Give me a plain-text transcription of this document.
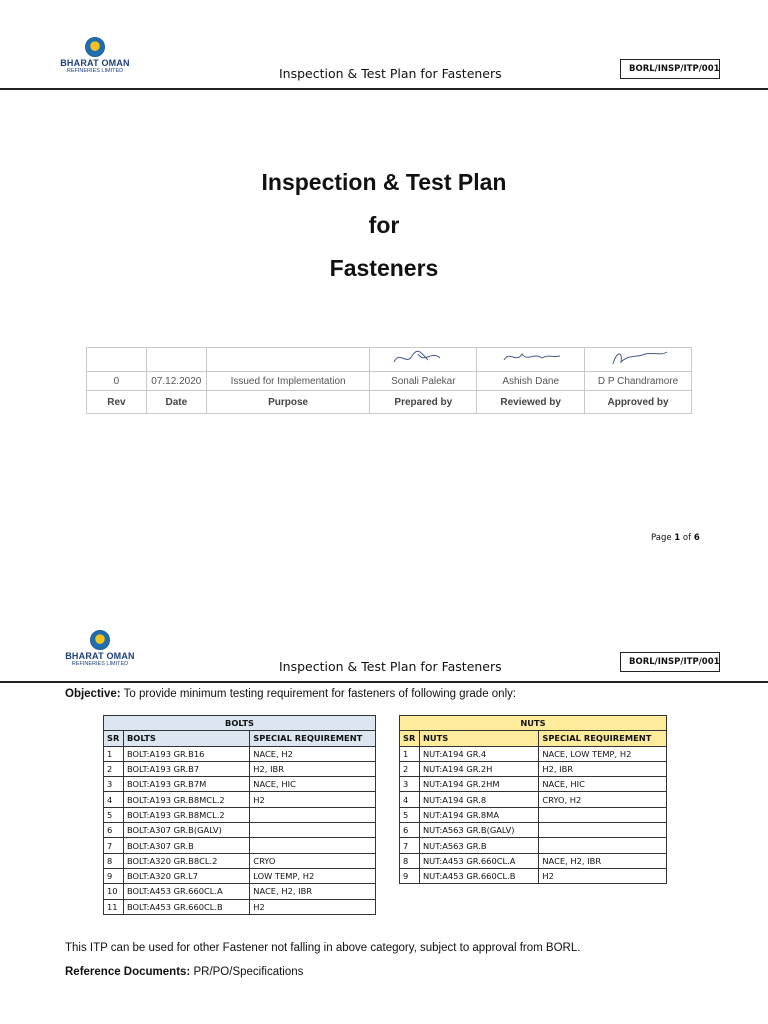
BHARAT OMAN
REFINERIES LIMITED	Inspection & Test Plan for Fasteners	BORL/INSP/ITP/001
Inspection & Test Plan
for
Fasteners

0	07.12.2020	Issued for Implementation	Sonali Palekar	Ashish Dane	D P Chandramore
Rev	Date	Purpose	Prepared by	Reviewed by	Approved by
Page 1 of 6
BHARAT OMAN
REFINERIES LIMITED	Inspection & Test Plan for Fasteners	BORL/INSP/ITP/001
Objective: To provide minimum testing requirement for fasteners of following grade only:
BOLTS		
SR	BOLTS	SPECIAL REQUIREMENT
1	BOLT:A193 GR.B16	NACE, H2
2	BOLT:A193 GR.B7	H2, IBR
3	BOLT:A193 GR.B7M	NACE, HIC
4	BOLT:A193 GR.B8MCL.2	H2
5	BOLT:A193 GR.B8MCL.2	
6	BOLT:A307 GR.B(GALV)	
7	BOLT:A307 GR.B	
8	BOLT:A320 GR.B8CL.2	CRYO
9	BOLT:A320 GR.L7	LOW TEMP, H2
10	BOLT:A453 GR.660CL.A	NACE, H2, IBR
11	BOLT:A453 GR.660CL.B	H2
NUTS		
SR	NUTS	SPECIAL REQUIREMENT
1	NUT:A194 GR.4	NACE, LOW TEMP, H2
2	NUT:A194 GR.2H	H2, IBR
3	NUT:A194 GR.2HM	NACE, HIC
4	NUT:A194 GR.8	CRYO, H2
5	NUT:A194 GR.8MA	
6	NUT:A563 GR.B(GALV)	
7	NUT:A563 GR.B	
8	NUT:A453 GR.660CL.A	NACE, H2, IBR
9	NUT:A453 GR.660CL.B	H2
This ITP can be used for other Fastener not falling in above category, subject to approval from BORL.
Reference Documents: PR/PO/Specifications
